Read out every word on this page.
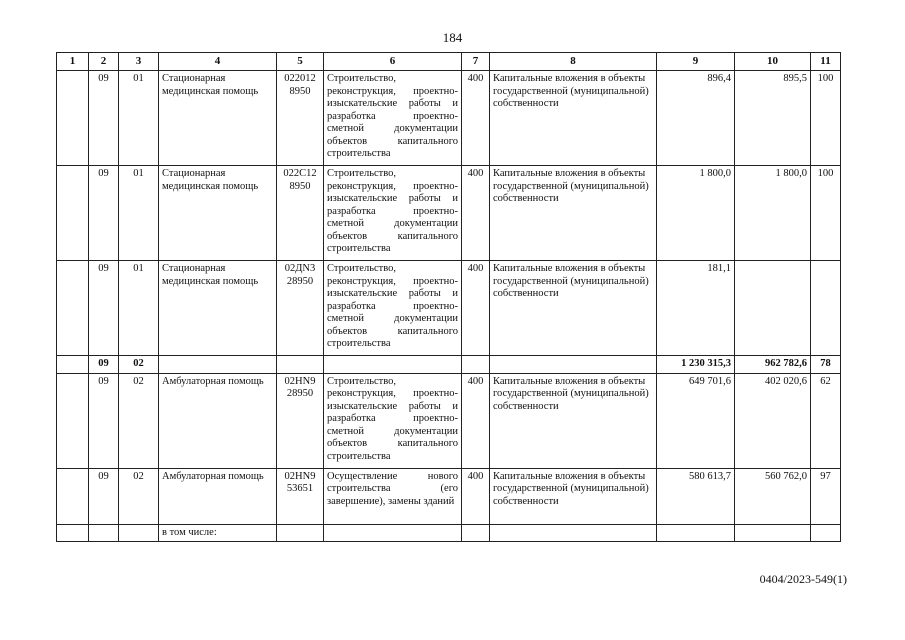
184
1	2	3	4	5	6	7	8	9	10	11
	09	01	Стационарная медицинская помощь	022012 8950	Строительство, реконструкция, проектно-изыскательские работы и разработка проектно-сметной документации объектов капитального строительства	400	Капитальные вложения в объекты государственной (муниципальной) собственности	896,4	895,5	100
	09	01	Стационарная медицинская помощь	022С12 8950	Строительство, реконструкция, проектно-изыскательские работы и разработка проектно-сметной документации объектов капитального строительства	400	Капитальные вложения в объекты государственной (муниципальной) собственности	1 800,0	1 800,0	100
	09	01	Стационарная медицинская помощь	02ДN3 28950	Строительство, реконструкция, проектно-изыскательские работы и разработка проектно-сметной документации объектов капитального строительства	400	Капитальные вложения в объекты государственной (муниципальной) собственности	181,1		
	09	02						1 230 315,3	962 782,6	78
	09	02	Амбулаторная помощь	02НN9 28950	Строительство, реконструкция, проектно-изыскательские работы и разработка проектно-сметной документации объектов капитального строительства	400	Капитальные вложения в объекты государственной (муниципальной) собственности	649 701,6	402 020,6	62
	09	02	Амбулаторная помощь	02НN9 53651	Осуществление нового строительства (его завершение), замены зданий	400	Капитальные вложения в объекты государственной (муниципальной) собственности	580 613,7	560 762,0	97
			в том числе:							
0404/2023-549(1)
